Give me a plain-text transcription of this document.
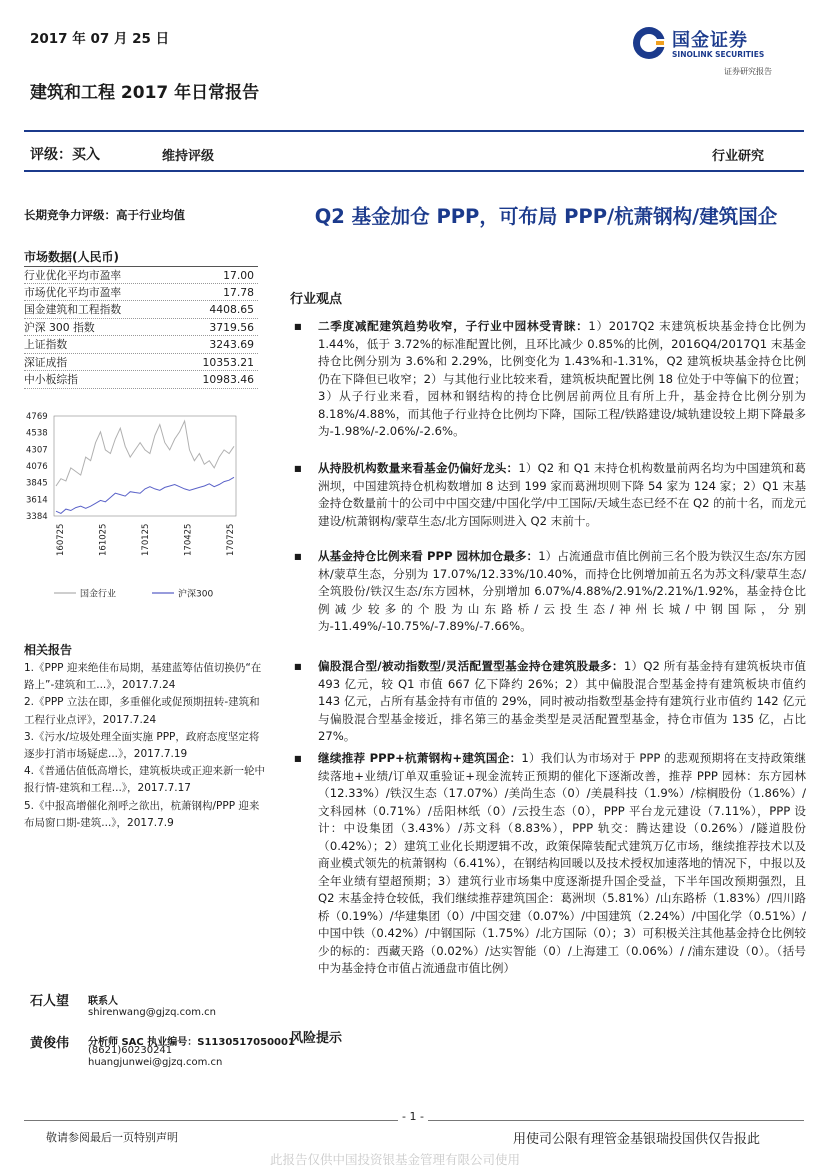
2017 年 07 月 25 日
建筑和工程 2017 年日常报告
国金证券
SINOLINK SECURITIES
证券研究报告
评级：买入	维持评级	行业研究
长期竞争力评级：高于行业均值
市场数据(人民币)
行业优化平均市盈率	17.00
市场优化平均市盈率	17.78
国金建筑和工程指数	4408.65
沪深 300 指数	3719.56
上证指数	3243.69
深证成指	10353.21
中小板综指	10983.46
4769
4538
4307
4076
3845
3614
3384
160725	161025	170125	170425	170725
国金行业	沪深300
相关报告
1.《PPP 迎来绝佳布局期，基建蓝筹估值切换仍“在路上”-建筑和工...》，2017.7.24
2.《PPP 立法在即，多重催化或促预期扭转-建筑和工程行业点评》，2017.7.24
3.《污水/垃圾处理全面实施 PPP，政府态度坚定将逐步打消市场疑虑...》，2017.7.19
4.《普通估值低高增长，建筑板块或正迎来新一轮中报行情-建筑和工程...》，2017.7.17
5.《中报高增催化剂呼之欲出，杭萧钢构/PPP 迎来布局窗口期-建筑...》，2017.7.9
石人望 联系人
shirenwang@gjzq.com.cn
黄俊伟 分析师 SAC 执业编号：S1130517050001
(8621)60230241
huangjunwei@gjzq.com.cn
Q2 基金加仓 PPP，可布局 PPP/杭萧钢构/建筑国企
行业观点
■ 二季度减配建筑趋势收窄，子行业中园林受青睐：1）2017Q2 末建筑板块基金持仓比例为 1.44%，低于 3.72%的标准配置比例，且环比减少 0.85%的比例，2016Q4/2017Q1 末基金持仓比例分别为 3.6%和 2.29%，比例变化为 1.43%和-1.31%，Q2 建筑板块基金持仓比例仍在下降但已收窄；2）与其他行业比较来看，建筑板块配置比例 18 位处于中等偏下的位置；3）从子行业来看，园林和钢结构的持仓比例居前两位且有所上升，基金持仓比例分别为 8.18%/4.88%，而其他子行业持仓比例均下降，国际工程/铁路建设/城轨建设较上期下降最多为-1.98%/-2.06%/-2.6%。
■ 从持股机构数量来看基金仍偏好龙头：1）Q2 和 Q1 末持仓机构数量前两名均为中国建筑和葛洲坝，中国建筑持仓机构数增加 8 达到 199 家而葛洲坝则下降 54 家为 124 家；2）Q1 末基金持仓数量前十的公司中中国交建/中国化学/中工国际/天域生态已经不在 Q2 的前十名，而龙元建设/杭萧钢构/蒙草生态/北方国际则进入 Q2 末前十。
■ 从基金持仓比例来看 PPP 园林加仓最多：1）占流通盘市值比例前三名个股为铁汉生态/东方园林/蒙草生态，分别为 17.07%/12.33%/10.40%，而持仓比例增加前五名为苏文科/蒙草生态/全筑股份/铁汉生态/东方园林，分别增加 6.07%/4.88%/2.91%/2.21%/1.92%，基金持仓比例减少较多的个股为山东路桥/云投生态/神州长城/中钢国际，分别为-11.49%/-10.75%/-7.89%/-7.66%。
■ 偏股混合型/被动指数型/灵活配置型基金持仓建筑股最多：1）Q2 所有基金持有建筑板块市值 493 亿元，较 Q1 市值 667 亿下降约 26%；2）其中偏股混合型基金持有建筑板块市值约 143 亿元，占所有基金持有市值的 29%，同时被动指数型基金持有建筑行业市值约 142 亿元与偏股混合型基金接近，排名第三的基金类型是灵活配置型基金，持仓市值为 135 亿，占比 27%。
■ 继续推荐 PPP+杭萧钢构+建筑国企：1）我们认为市场对于 PPP 的悲观预期将在支持政策继续落地+业绩/订单双重验证+现金流转正预期的催化下逐渐改善，推荐 PPP 园林：东方园林（12.33%）/铁汉生态（17.07%）/美尚生态（0）/美晨科技（1.9%）/棕榈股份（1.86%）/文科园林（0.71%）/岳阳林纸（0）/云投生态（0），PPP 平台龙元建设（7.11%），PPP 设计：中设集团（3.43%）/苏文科（8.83%），PPP 轨交：腾达建设（0.26%）/隧道股份（0.42%）；2）建筑工业化长期逻辑不改，政策保障装配式建筑万亿市场，继续推荐技术以及商业模式领先的杭萧钢构（6.41%），在钢结构回暖以及技术授权加速落地的情况下，中报以及全年业绩有望超预期；3）建筑行业市场集中度逐渐提升国企受益，下半年国改预期强烈，且 Q2 末基金持仓较低，我们继续推荐建筑国企：葛洲坝（5.81%）/山东路桥（1.83%）/四川路桥（0.19%）/华建集团（0）/中国交建（0.07%）/中国建筑（2.24%）/中国化学（0.51%）/中国中铁（0.42%）/中钢国际（1.75%）/北方国际（0）；3）可积极关注其他基金持仓比例较少的标的：西藏天路（0.02%）/达实智能（0）/上海建工（0.06%）/ /浦东建设（0）。（括号中为基金持仓市值占流通盘市值比例）
风险提示
- 1 -
敬请参阅最后一页特别声明	用使司公限有理管金基银瑞投国供仅告报此
此报告仅供中国投资银基金管理有限公司使用
